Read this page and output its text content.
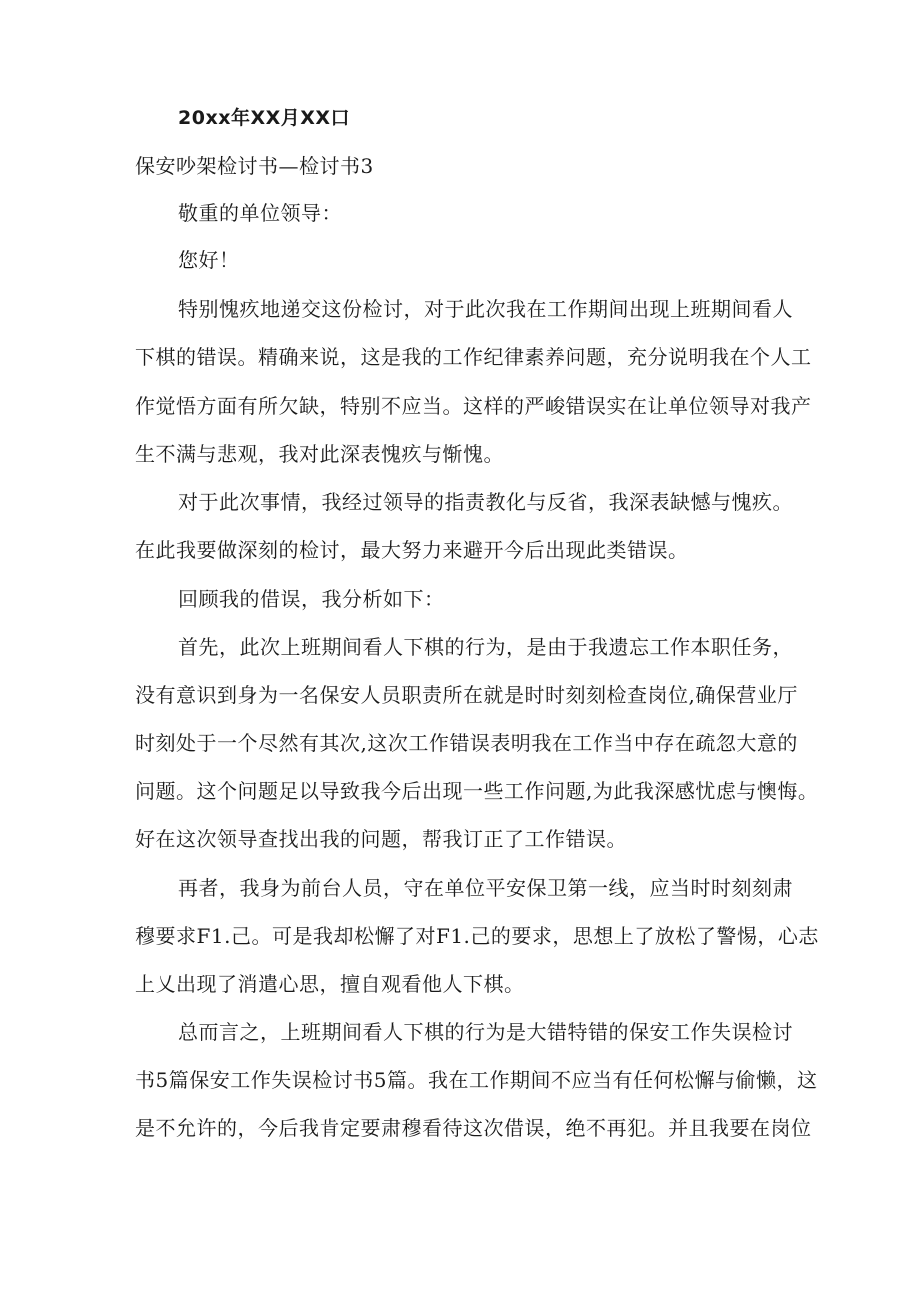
20xx年XX月XX口
保安吵架检讨书—检讨书3
敬重的单位领导：
您好！
特别愧疚地递交这份检讨，对于此次我在工作期间出现上班期间看人
下棋的错误。精确来说，这是我的工作纪律素养问题，充分说明我在个人工
作觉悟方面有所欠缺，特别不应当。这样的严峻错误实在让单位领导对我产
生不满与悲观，我对此深表愧疚与惭愧。
对于此次事情，我经过领导的指责教化与反省，我深表缺憾与愧疚。
在此我要做深刻的检讨，最大努力来避开今后出现此类错误。
回顾我的借误，我分析如下：
首先，此次上班期间看人下棋的行为，是由于我遗忘工作本职任务，
没有意识到身为一名保安人员职责所在就是时时刻刻检查岗位,确保营业厅
时刻处于一个尽然有其次,这次工作错误表明我在工作当中存在疏忽大意的
问题。这个问题足以导致我今后出现一些工作问题,为此我深感忧虑与懊悔。
好在这次领导查找出我的问题，帮我订正了工作错误。
再者，我身为前台人员，守在单位平安保卫第一线，应当时时刻刻肃
穆要求F1.己。可是我却松懈了对F1.己的要求，思想上了放松了警惕，心志
上乂出现了消遣心思，擅自观看他人下棋。
总而言之，上班期间看人下棋的行为是大错特错的保安工作失误检讨
书5篇保安工作失误检讨书5篇。我在工作期间不应当有任何松懈与偷懒，这
是不允许的，今后我肯定要肃穆看待这次借误，绝不再犯。并且我要在岗位
